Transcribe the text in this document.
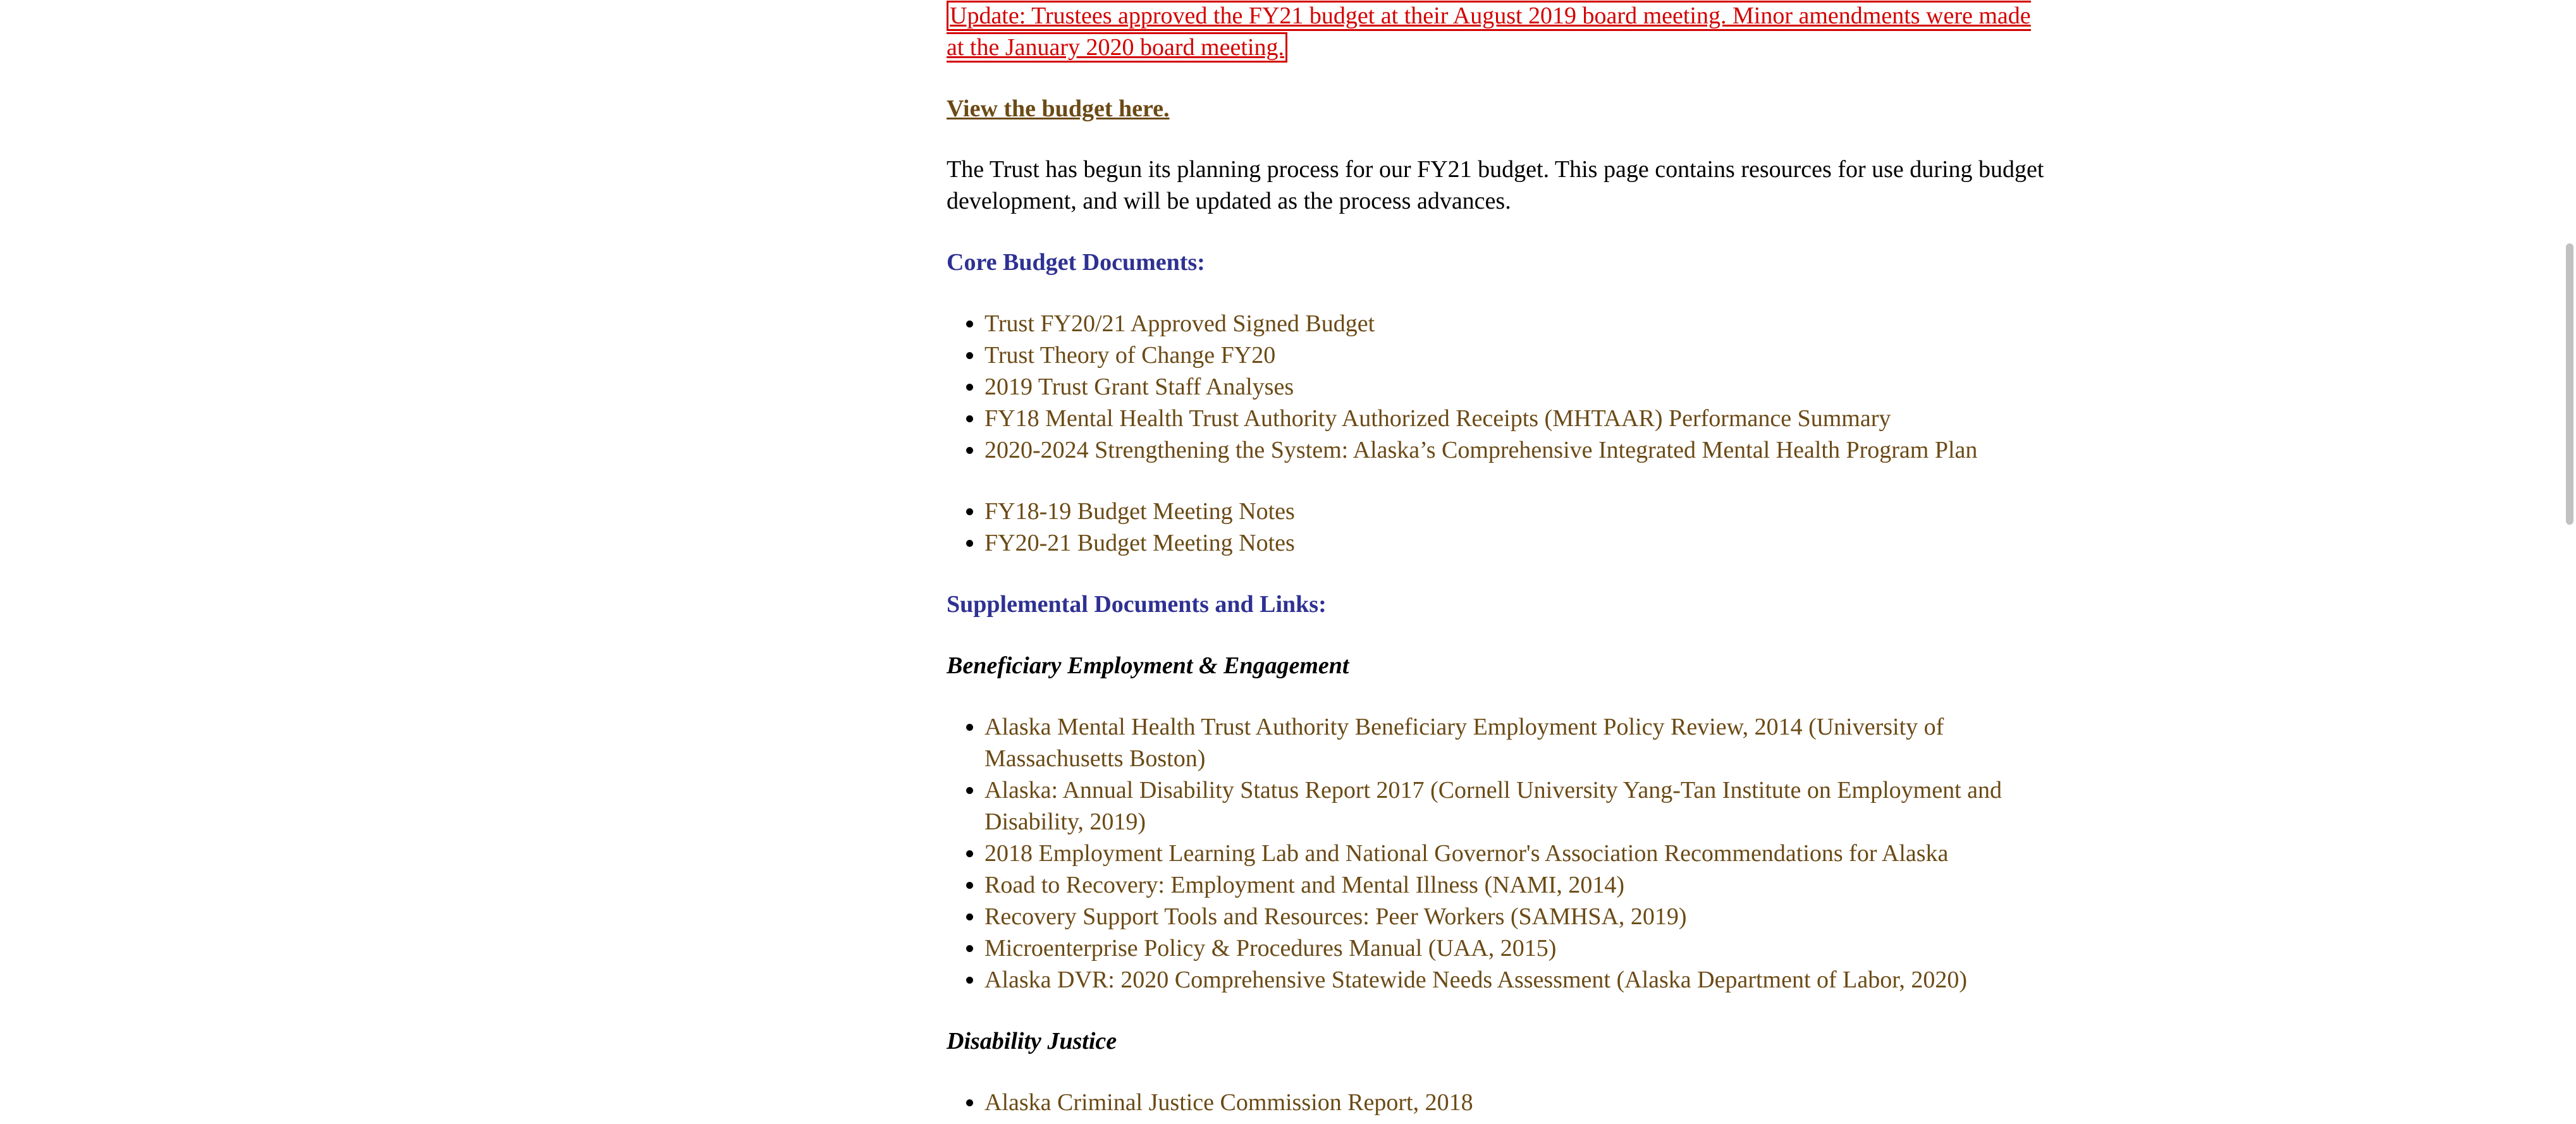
Update: Trustees approved the FY21 budget at their August 2019 board meeting. Minor amendments were made at the January 2020 board meeting.
View the budget here.

The Trust has begun its planning process for our FY21 budget. This page contains resources for use during budget development, and will be updated as the process advances.

Core Budget Documents:
• Trust FY20/21 Approved Signed Budget
• Trust Theory of Change FY20
• 2019 Trust Grant Staff Analyses
• FY18 Mental Health Trust Authority Authorized Receipts (MHTAAR) Performance Summary
• 2020-2024 Strengthening the System: Alaska’s Comprehensive Integrated Mental Health Program Plan
• FY18-19 Budget Meeting Notes
• FY20-21 Budget Meeting Notes
Supplemental Documents and Links:
Beneficiary Employment & Engagement
• Alaska Mental Health Trust Authority Beneficiary Employment Policy Review, 2014 (University of Massachusetts Boston)
• Alaska: Annual Disability Status Report 2017 (Cornell University Yang-Tan Institute on Employment and Disability, 2019)
• 2018 Employment Learning Lab and National Governor's Association Recommendations for Alaska
• Road to Recovery: Employment and Mental Illness (NAMI, 2014)
• Recovery Support Tools and Resources: Peer Workers (SAMHSA, 2019)
• Microenterprise Policy & Procedures Manual (UAA, 2015)
• Alaska DVR: 2020 Comprehensive Statewide Needs Assessment (Alaska Department of Labor, 2020)
Disability Justice
• Alaska Criminal Justice Commission Report, 2018
